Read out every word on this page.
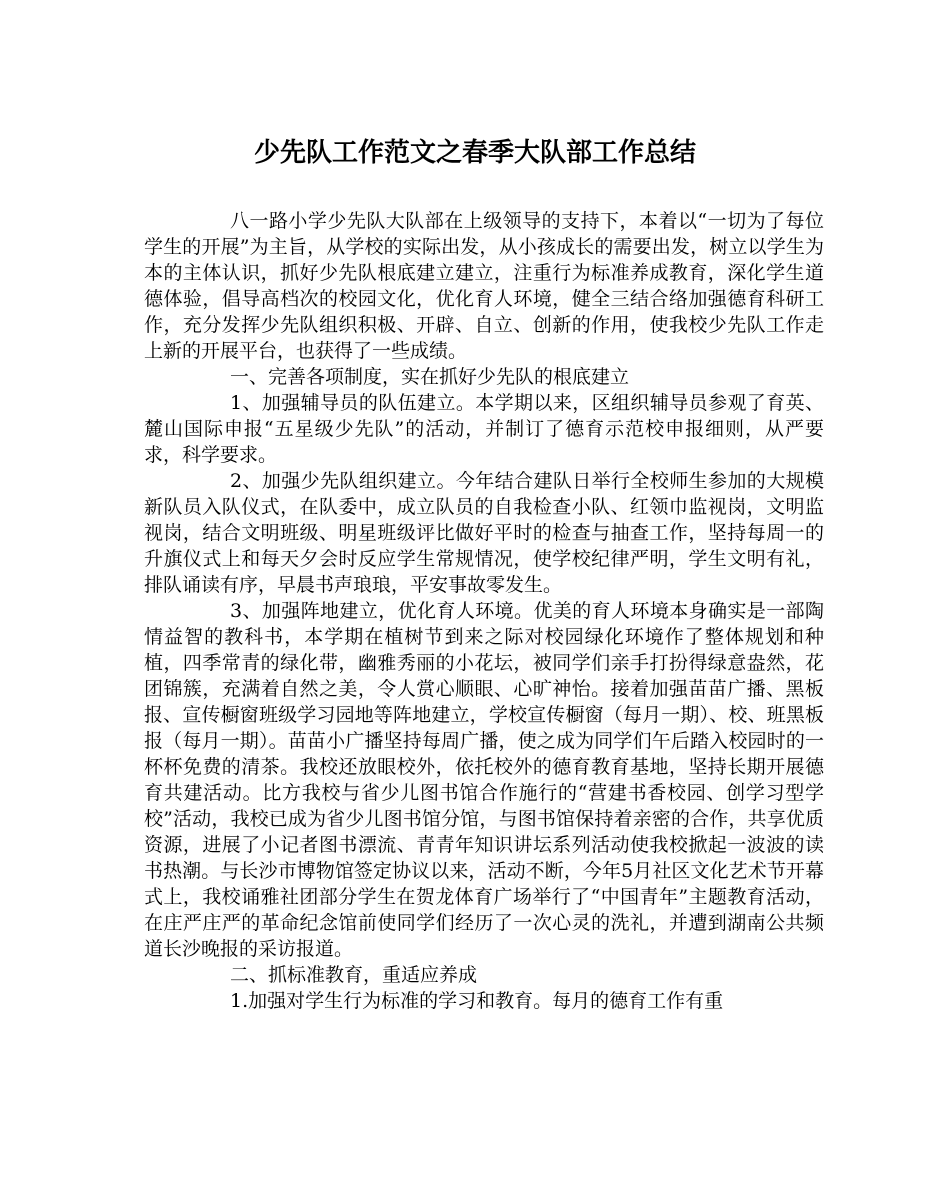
少先队工作范文之春季大队部工作总结

八一路小学少先队大队部在上级领导的支持下，本着以“一切为了每位学生的开展”为主旨，从学校的实际出发，从小孩成长的需要出发，树立以学生为本的主体认识，抓好少先队根底建立建立，注重行为标准养成教育，深化学生道德体验，倡导高档次的校园文化，优化育人环境，健全三结合络加强德育科研工作，充分发挥少先队组织积极、开辟、自立、创新的作用，使我校少先队工作走上新的开展平台，也获得了一些成绩。

一、完善各项制度，实在抓好少先队的根底建立

1、加强辅导员的队伍建立。本学期以来，区组织辅导员参观了育英、麓山国际申报“五星级少先队”的活动，并制订了德育示范校申报细则，从严要求，科学要求。

2、加强少先队组织建立。今年结合建队日举行全校师生参加的大规模新队员入队仪式，在队委中，成立队员的自我检查小队、红领巾监视岗，文明监视岗，结合文明班级、明星班级评比做好平时的检查与抽查工作，坚持每周一的升旗仪式上和每天夕会时反应学生常规情况，使学校纪律严明，学生文明有礼，排队诵读有序，早晨书声琅琅，平安事故零发生。

3、加强阵地建立，优化育人环境。优美的育人环境本身确实是一部陶情益智的教科书，本学期在植树节到来之际对校园绿化环境作了整体规划和种植，四季常青的绿化带，幽雅秀丽的小花坛，被同学们亲手打扮得绿意盎然，花团锦簇，充满着自然之美，令人赏心顺眼、心旷神怡。接着加强苗苗广播、黑板报、宣传橱窗班级学习园地等阵地建立，学校宣传橱窗（每月一期）、校、班黑板报（每月一期）。苗苗小广播坚持每周广播，使之成为同学们午后踏入校园时的一杯杯免费的清茶。我校还放眼校外，依托校外的德育教育基地，坚持长期开展德育共建活动。比方我校与省少儿图书馆合作施行的“营建书香校园、创学习型学校”活动，我校已成为省少儿图书馆分馆，与图书馆保持着亲密的合作，共享优质资源，进展了小记者图书漂流、青青年知识讲坛系列活动使我校掀起一波波的读书热潮。与长沙市博物馆签定协议以来，活动不断，今年5月社区文化艺术节开幕式上，我校诵雅社团部分学生在贺龙体育广场举行了“中国青年”主题教育活动，在庄严庄严的革命纪念馆前使同学们经历了一次心灵的洗礼，并遭到湖南公共频道长沙晚报的采访报道。

二、抓标准教育，重适应养成

1.加强对学生行为标准的学习和教育。每月的德育工作有重
